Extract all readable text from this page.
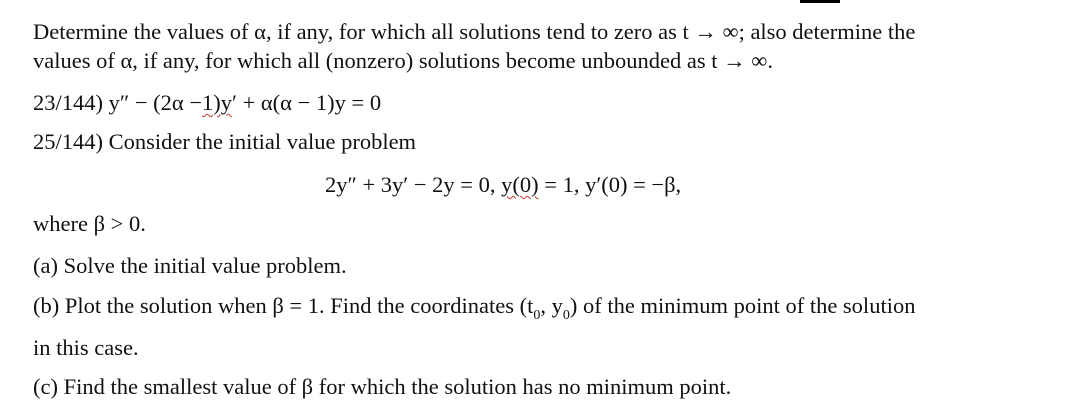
Determine the values of α, if any, for which all solutions tend to zero as t → ∞; also determine the
values of α, if any, for which all (nonzero) solutions become unbounded as t → ∞.
23/144) y″ − (2α −1)y′ + α(α − 1)y = 0
25/144) Consider the initial value problem
2y″ + 3y′ − 2y = 0, y(0) = 1, y′(0) = −β,
where β > 0.
(a) Solve the initial value problem.
(b) Plot the solution when β = 1. Find the coordinates ($t_0$, $y_0$) of the minimum point of the solution
in this case.
(c) Find the smallest value of β for which the solution has no minimum point.
